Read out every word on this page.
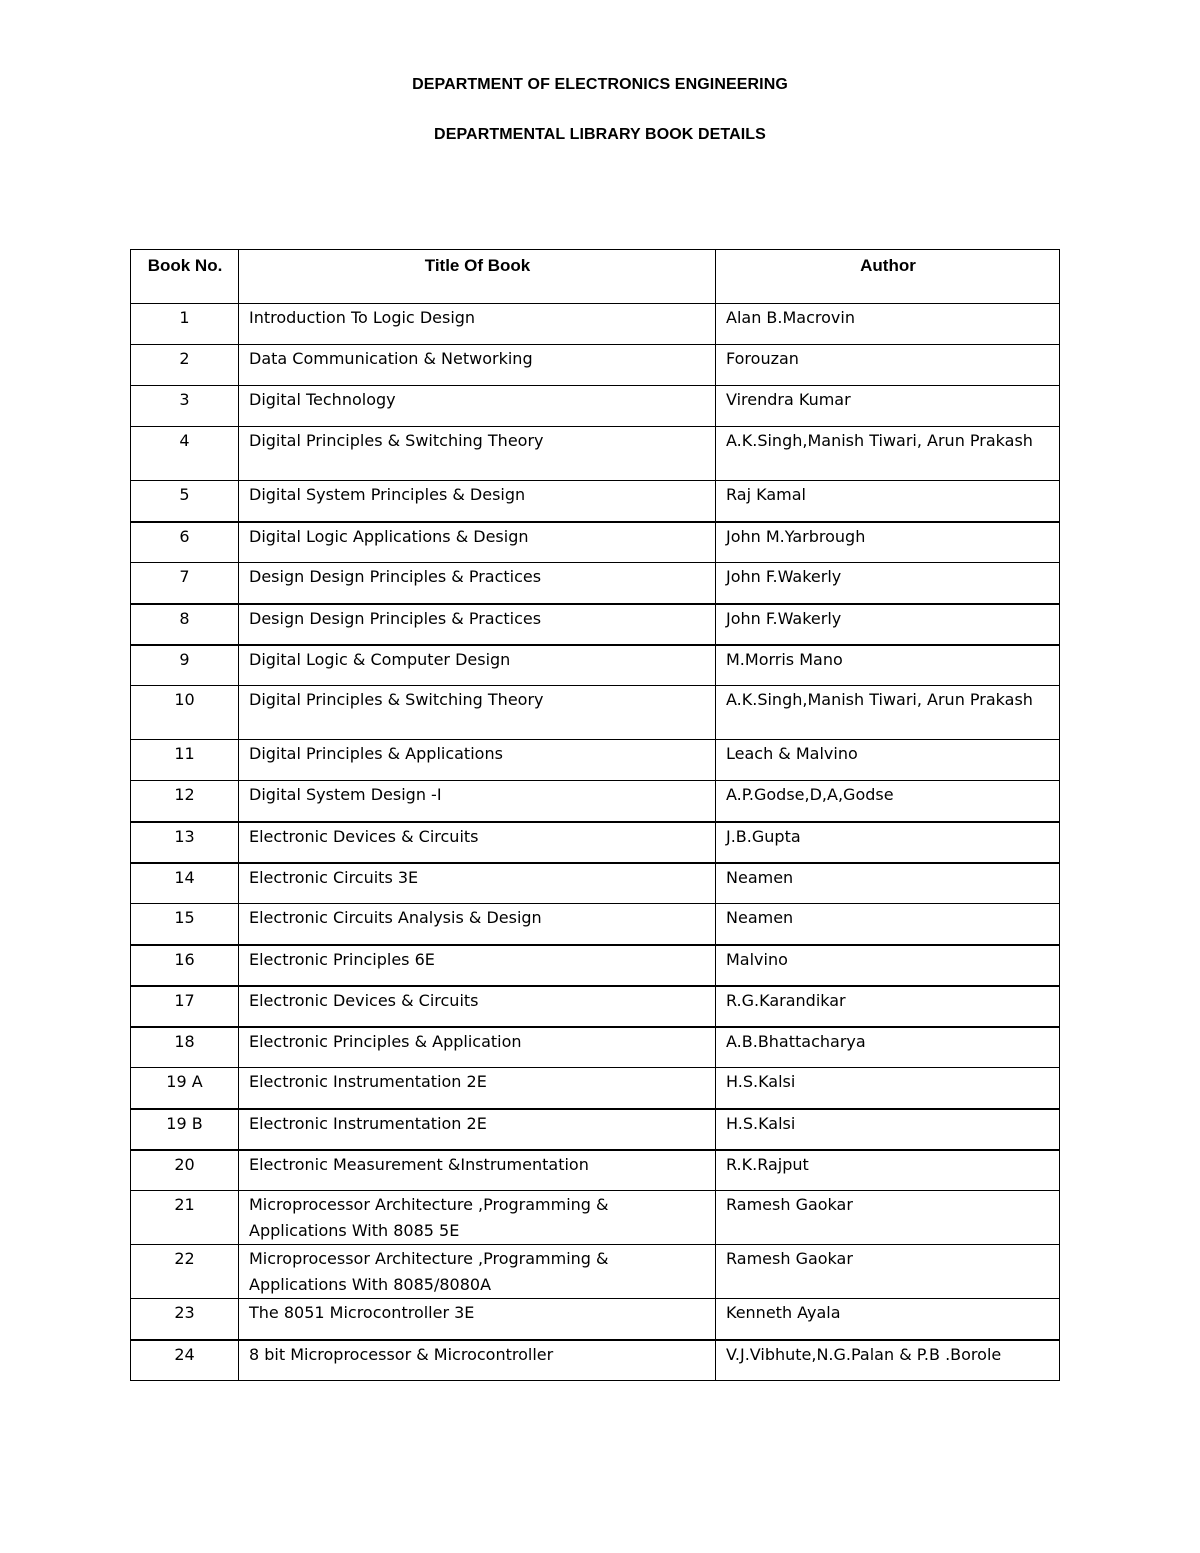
DEPARTMENT OF ELECTRONICS ENGINEERING
DEPARTMENTAL LIBRARY BOOK DETAILS
Book No.	Title Of Book	Author
1	Introduction To Logic Design	Alan B.Macrovin
2	Data Communication & Networking	Forouzan
3	Digital Technology	Virendra Kumar
4	Digital Principles & Switching Theory	A.K.Singh,Manish Tiwari, Arun Prakash
5	Digital System Principles & Design	Raj Kamal
6	Digital Logic Applications & Design	John M.Yarbrough
7	Design Design Principles & Practices	John F.Wakerly
8	Design Design Principles & Practices	John F.Wakerly
9	Digital Logic & Computer Design	M.Morris Mano
10	Digital Principles & Switching Theory	A.K.Singh,Manish Tiwari, Arun Prakash
11	Digital Principles & Applications	Leach & Malvino
12	Digital System Design -I	A.P.Godse,D,A,Godse
13	Electronic Devices & Circuits	J.B.Gupta
14	Electronic Circuits 3E	Neamen
15	Electronic Circuits Analysis & Design	Neamen
16	Electronic Principles 6E	Malvino
17	Electronic Devices & Circuits	R.G.Karandikar
18	Electronic Principles & Application	A.B.Bhattacharya
19 A	Electronic Instrumentation 2E	H.S.Kalsi
19 B	Electronic Instrumentation 2E	H.S.Kalsi
20	Electronic Measurement &Instrumentation	R.K.Rajput
21	Microprocessor Architecture ,Programming & Applications With 8085 5E	Ramesh Gaokar
22	Microprocessor Architecture ,Programming & Applications With 8085/8080A	Ramesh Gaokar
23	The 8051 Microcontroller 3E	Kenneth Ayala
24	8 bit Microprocessor & Microcontroller	V.J.Vibhute,N.G.Palan & P.B .Borole
